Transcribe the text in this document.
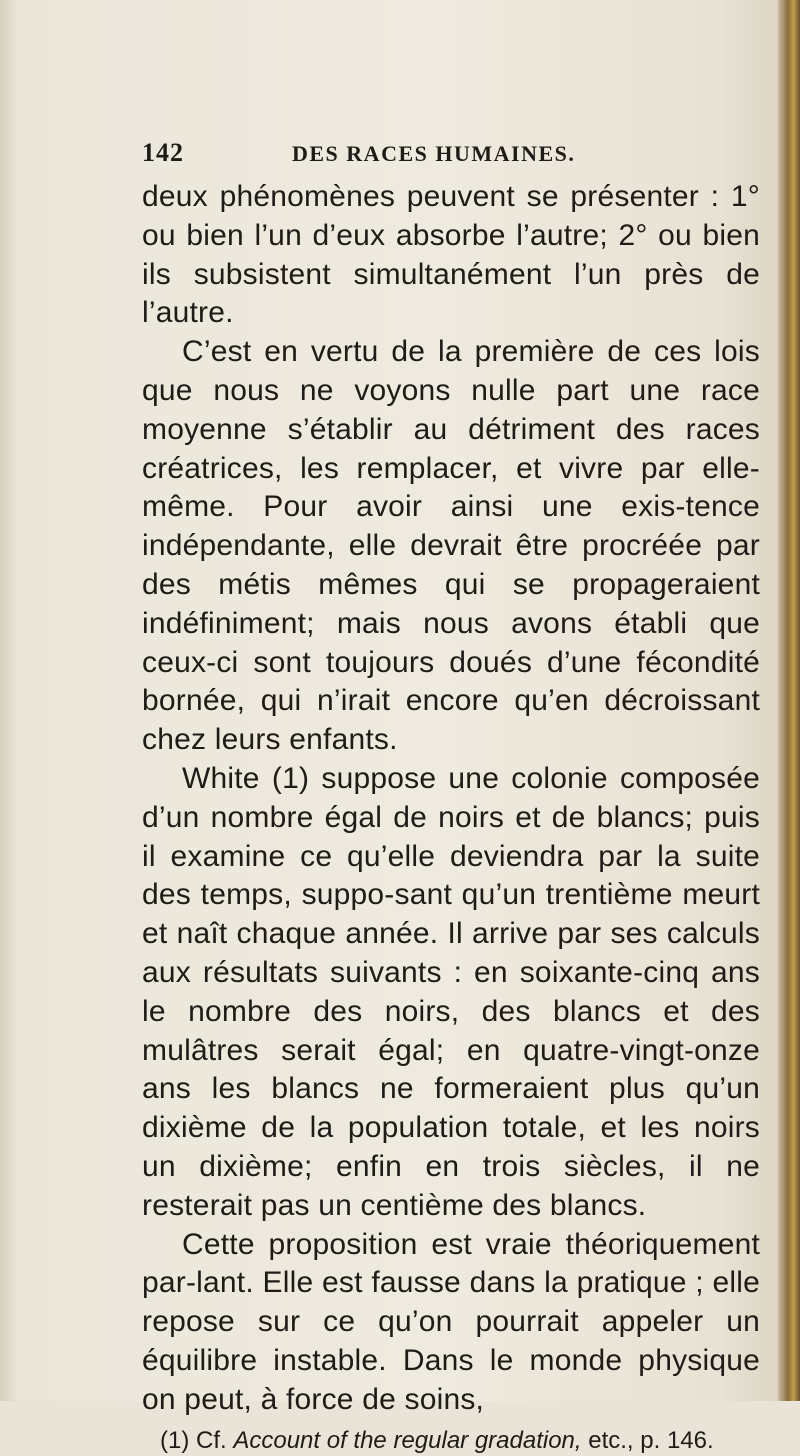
142	DES RACES HUMAINES.

deux phénomènes peuvent se présenter : 1° ou bien l’un d’eux absorbe l’autre; 2° ou bien ils subsistent simultanément l’un près de l’autre.

C’est en vertu de la première de ces lois que nous ne voyons nulle part une race moyenne s’établir au détriment des races créatrices, les remplacer, et vivre par elle-même. Pour avoir ainsi une exis-tence indépendante, elle devrait être procréée par des métis mêmes qui se propageraient indéfiniment; mais nous avons établi que ceux-ci sont toujours doués d’une fécondité bornée, qui n’irait encore qu’en décroissant chez leurs enfants.

White (1) suppose une colonie composée d’un nombre égal de noirs et de blancs; puis il examine ce qu’elle deviendra par la suite des temps, suppo-sant qu’un trentième meurt et naît chaque année. Il arrive par ses calculs aux résultats suivants : en soixante-cinq ans le nombre des noirs, des blancs et des mulâtres serait égal; en quatre-vingt-onze ans les blancs ne formeraient plus qu’un dixième de la population totale, et les noirs un dixième; enfin en trois siècles, il ne resterait pas un centième des blancs.

Cette proposition est vraie théoriquement par-lant. Elle est fausse dans la pratique ; elle repose sur ce qu’on pourrait appeler un équilibre instable. Dans le monde physique on peut, à force de soins,

(1) Cf. Account of the regular gradation, etc., p. 146.
